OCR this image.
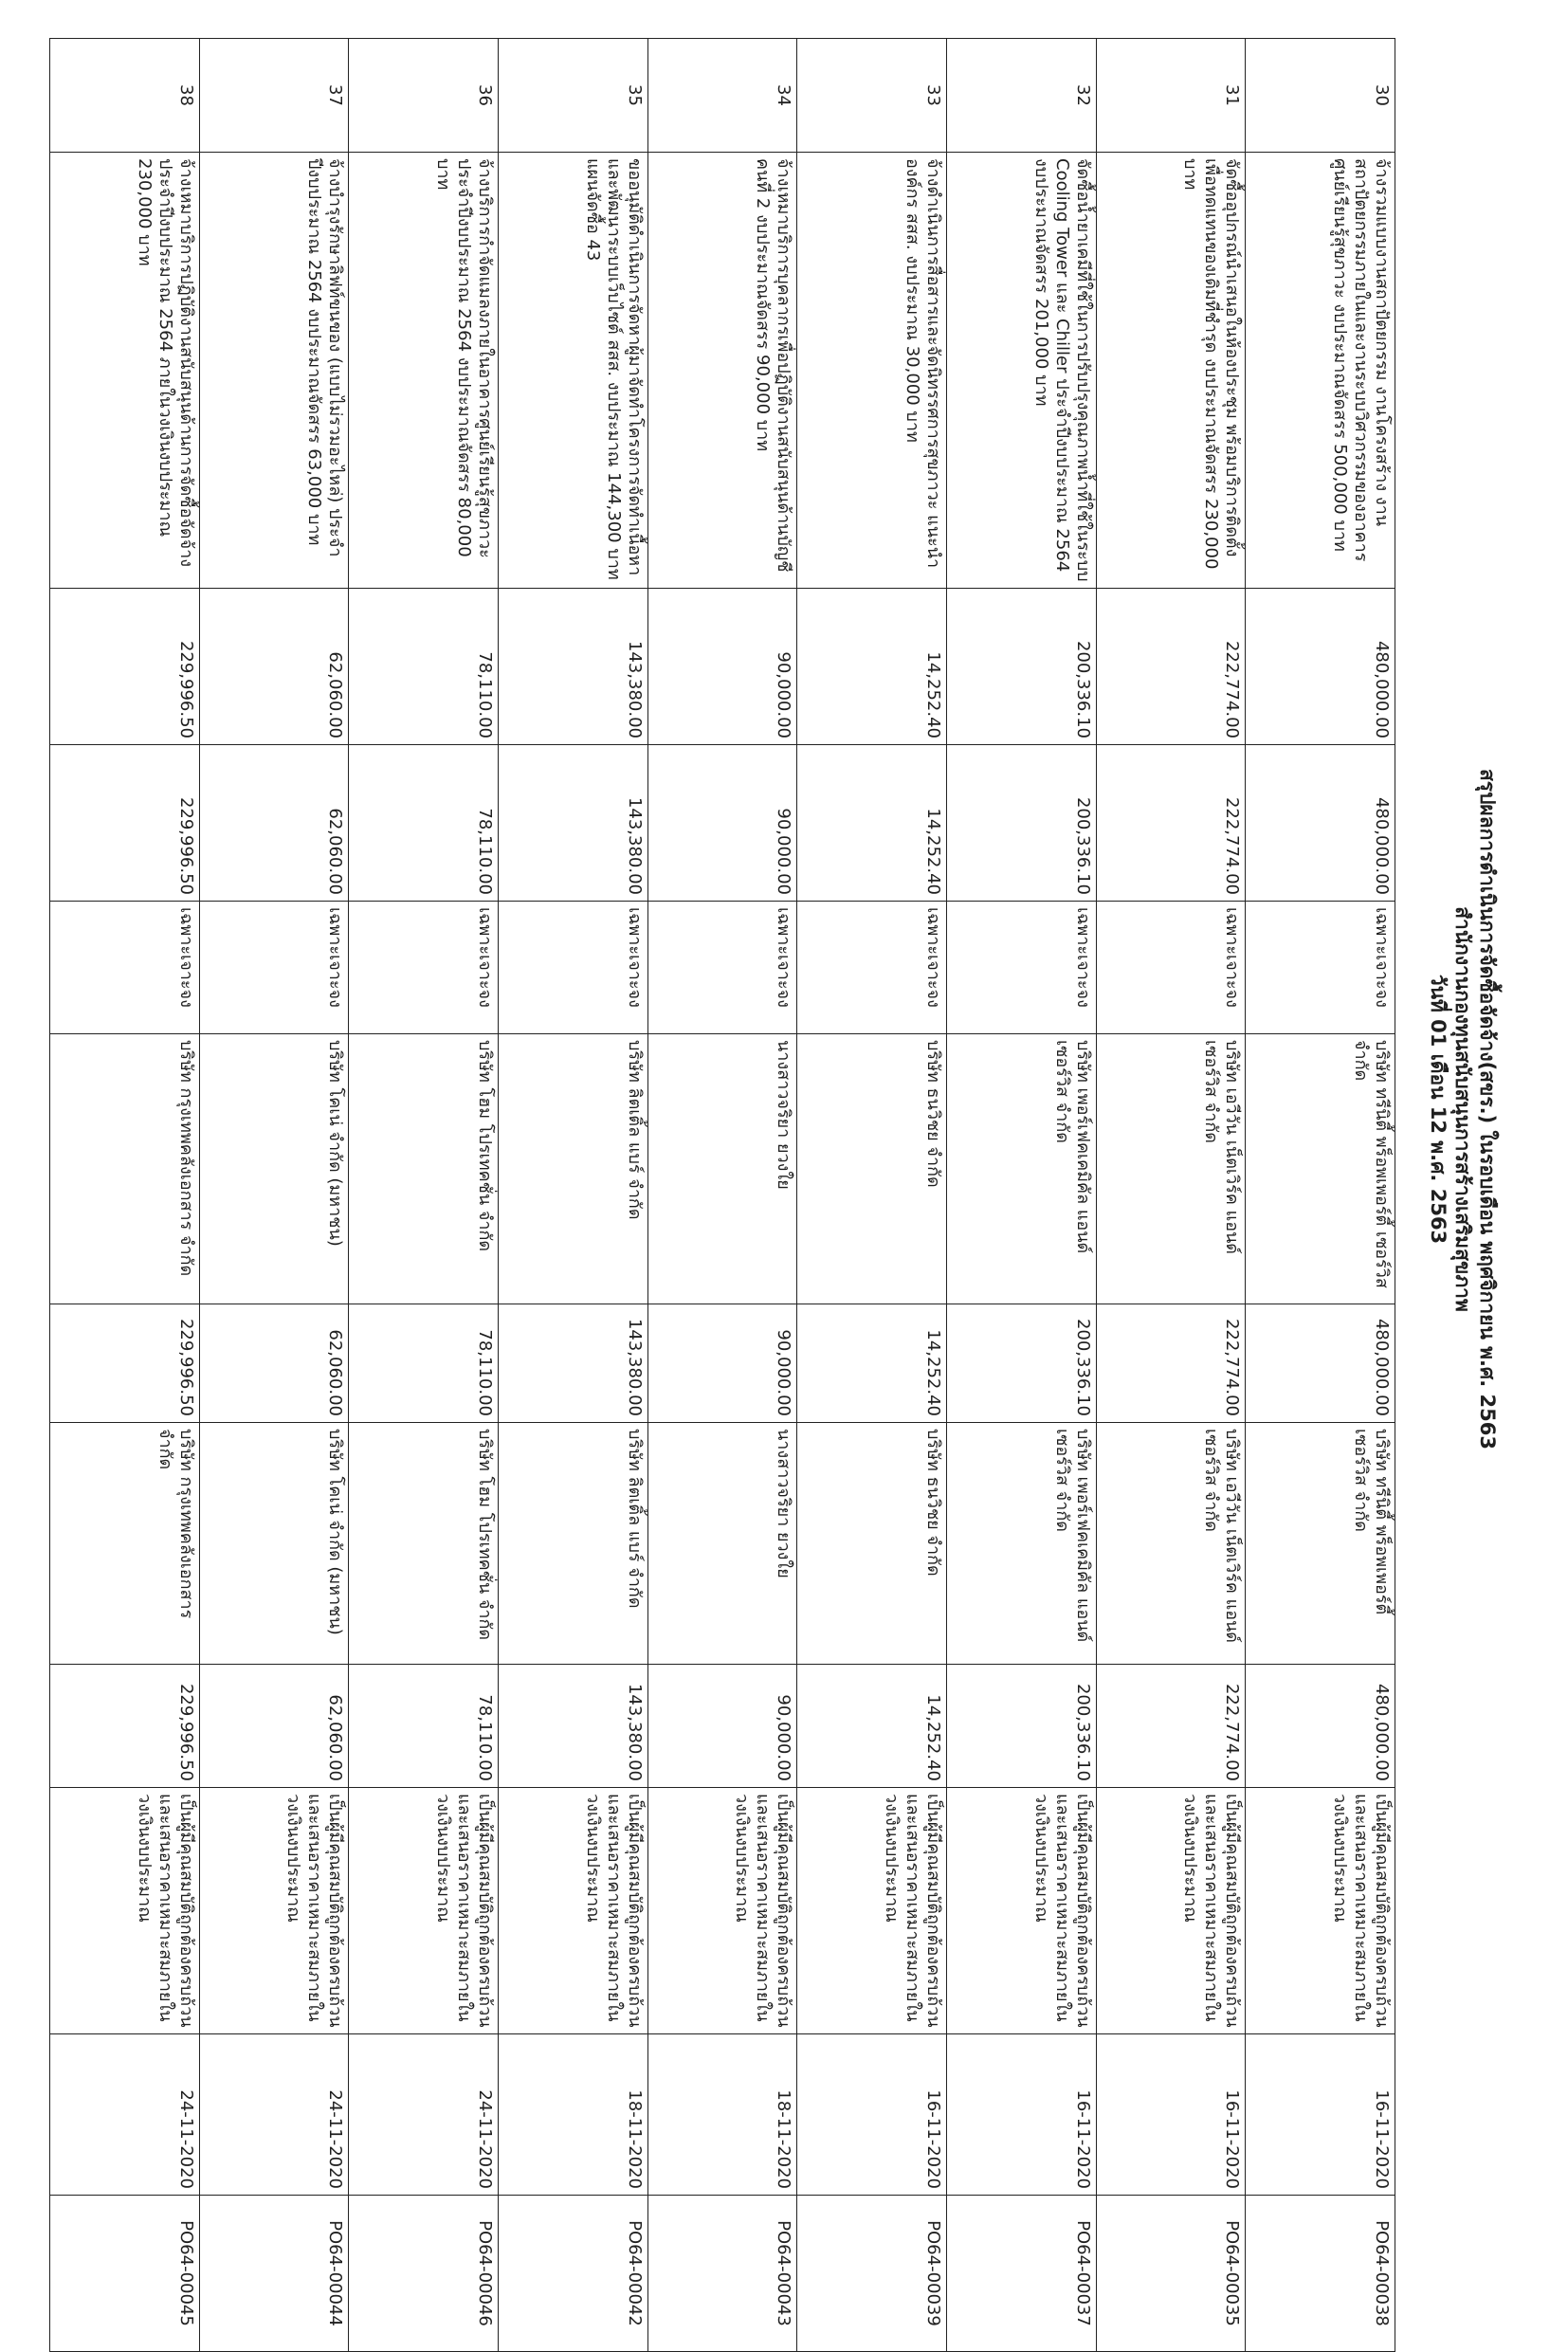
สรุปผลการดำเนินการจัดซื้อจัดจ้าง(สขร.) ในรอบเดือน พฤศจิกายน พ.ศ. 2563
สำนักงานกองทุนสนับสนุนการสร้างเสริมสุขภาพ
วันที่ 01 เดือน 12 พ.ศ. 2563
30	จ้างรวมแบบงานสถาปัตยกรรม งานโครงสร้าง งานสถาปัตยกรรมภายในและงานระบบวิศวกรรมของอาคารศูนย์เรียนรู้สุขภาวะ งบประมาณจัดสรร 500,000 บาท	480,000.00	480,000.00	เฉพาะเจาะจง	บริษัท ทรีนิตี้ พร็อพเพอร์ตี้ เซอร์วิส จำกัด	480,000.00	บริษัท ทรีนิตี้ พร็อพเพอร์ตี้ เซอร์วิส จำกัด	480,000.00	เป็นผู้มีคุณสมบัติถูกต้องครบถ้วนและเสนอราคาเหมาะสมภายในวงเงินงบประมาณ	16-11-2020	PO64-00038
31	จัดซื้ออุปกรณ์นำเสนอในห้องประชุม พร้อมบริการติดตั้งเพื่อทดแทนของเดิมที่ชำรุด งบประมาณจัดสรร 230,000 บาท	222,774.00	222,774.00	เฉพาะเจาะจง	บริษัท เอวีวัน เน็ตเวิร์ค แอนด์ เซอร์วิส จำกัด	222,774.00	บริษัท เอวีวัน เน็ตเวิร์ค แอนด์ เซอร์วิส จำกัด	222,774.00	เป็นผู้มีคุณสมบัติถูกต้องครบถ้วนและเสนอราคาเหมาะสมภายในวงเงินงบประมาณ	16-11-2020	PO64-00035
32	จัดซื้อน้ำยาเคมีที่ใช้ในการปรับปรุงคุณภาพน้ำที่ใช้ในระบบ Cooling Tower และ Chiller ประจำปีงบประมาณ 2564 งบประมาณจัดสรร 201,000 บาท	200,336.10	200,336.10	เฉพาะเจาะจง	บริษัท เพอร์เฟคเคมิคัล แอนด์ เซอร์วิส จำกัด	200,336.10	บริษัท เพอร์เฟคเคมิคัล แอนด์ เซอร์วิส จำกัด	200,336.10	เป็นผู้มีคุณสมบัติถูกต้องครบถ้วนและเสนอราคาเหมาะสมภายในวงเงินงบประมาณ	16-11-2020	PO64-00037
33	จ้างดำเนินการสื่อสารและจัดนิทรรศการสุขภาวะ แนะนำองค์กร สสส. งบประมาณ 30,000 บาท	14,252.40	14,252.40	เฉพาะเจาะจง	บริษัท ธนวิชย จำกัด	14,252.40	บริษัท ธนวิชย จำกัด	14,252.40	เป็นผู้มีคุณสมบัติถูกต้องครบถ้วนและเสนอราคาเหมาะสมภายในวงเงินงบประมาณ	16-11-2020	PO64-00039
34	จ้างเหมาบริการบุคลากรเพื่อปฏิบัติงานสนับสนุนด้านบัญชี คนที่ 2 งบประมาณจัดสรร 90,000 บาท	90,000.00	90,000.00	เฉพาะเจาะจง	นางสาวจริยา ยวงใย	90,000.00	นางสาวจริยา ยวงใย	90,000.00	เป็นผู้มีคุณสมบัติถูกต้องครบถ้วนและเสนอราคาเหมาะสมภายในวงเงินงบประมาณ	18-11-2020	PO64-00043
35	ขออนุมัติดำเนินการจัดหาผู้มาจัดทำโครงการจัดทำเนื้อหาและพัฒนาระบบเว็บไซต์ สสส. งบประมาณ 144,300 บาท แผนจัดซื้อ 43	143,380.00	143,380.00	เฉพาะเจาะจง	บริษัท ลิตเติ้ล แบร์ จำกัด	143,380.00	บริษัท ลิตเติ้ล แบร์ จำกัด	143,380.00	เป็นผู้มีคุณสมบัติถูกต้องครบถ้วนและเสนอราคาเหมาะสมภายในวงเงินงบประมาณ	18-11-2020	PO64-00042
36	จ้างบริการกำจัดแมลงภายในอาคารศูนย์เรียนรู้สุขภาวะ ประจำปีงบประมาณ 2564 งบประมาณจัดสรร 80,000 บาท	78,110.00	78,110.00	เฉพาะเจาะจง	บริษัท โฮม โปรเทคชั่น จำกัด	78,110.00	บริษัท โฮม โปรเทคชั่น จำกัด	78,110.00	เป็นผู้มีคุณสมบัติถูกต้องครบถ้วนและเสนอราคาเหมาะสมภายในวงเงินงบประมาณ	24-11-2020	PO64-00046
37	จ้างบำรุงรักษาลิฟท์ขนของ (แบบไม่รวมอะไหล่) ประจำปีงบประมาณ 2564 งบประมาณจัดสรร 63,000 บาท	62,060.00	62,060.00	เฉพาะเจาะจง	บริษัท โคเน่ จำกัด (มหาชน)	62,060.00	บริษัท โคเน่ จำกัด (มหาชน)	62,060.00	เป็นผู้มีคุณสมบัติถูกต้องครบถ้วนและเสนอราคาเหมาะสมภายในวงเงินงบประมาณ	24-11-2020	PO64-00044
38	จ้างเหมาบริการปฏิบัติงานสนับสนุนด้านการจัดซื้อจัดจ้าง ประจำปีงบประมาณ 2564 ภายในวงเงินงบประมาณ 230,000 บาท	229,996.50	229,996.50	เฉพาะเจาะจง	บริษัท กรุงเทพคลังเอกสาร จำกัด	229,996.50	บริษัท กรุงเทพคลังเอกสาร จำกัด	229,996.50	เป็นผู้มีคุณสมบัติถูกต้องครบถ้วนและเสนอราคาเหมาะสมภายในวงเงินงบประมาณ	24-11-2020	PO64-00045
